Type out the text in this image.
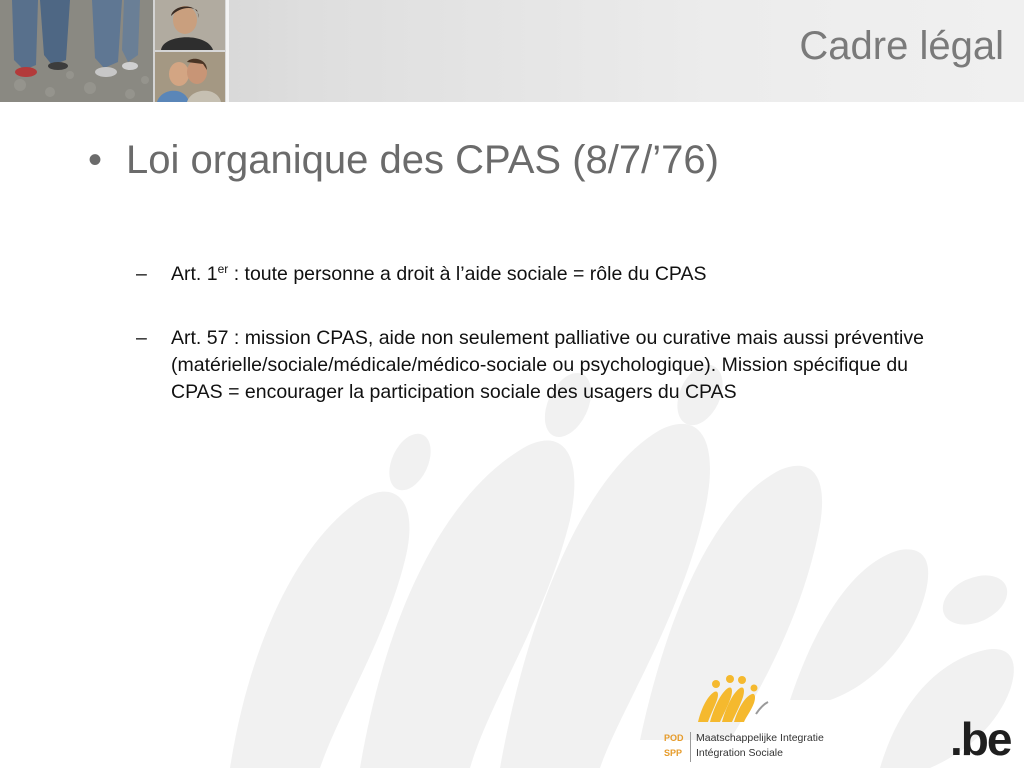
Cadre légal
• Loi organique des CPAS (8/7/’76)
– Art. 1er : toute personne a droit à l’aide sociale = rôle du CPAS
– Art. 57 : mission CPAS, aide non seulement palliative ou curative mais aussi préventive (matérielle/sociale/médicale/médico-sociale ou psychologique). Mission spécifique du CPAS = encourager la participation sociale des usagers du CPAS
POD
SPP
Maatschappelijke Integratie
Intégration Sociale	.be
